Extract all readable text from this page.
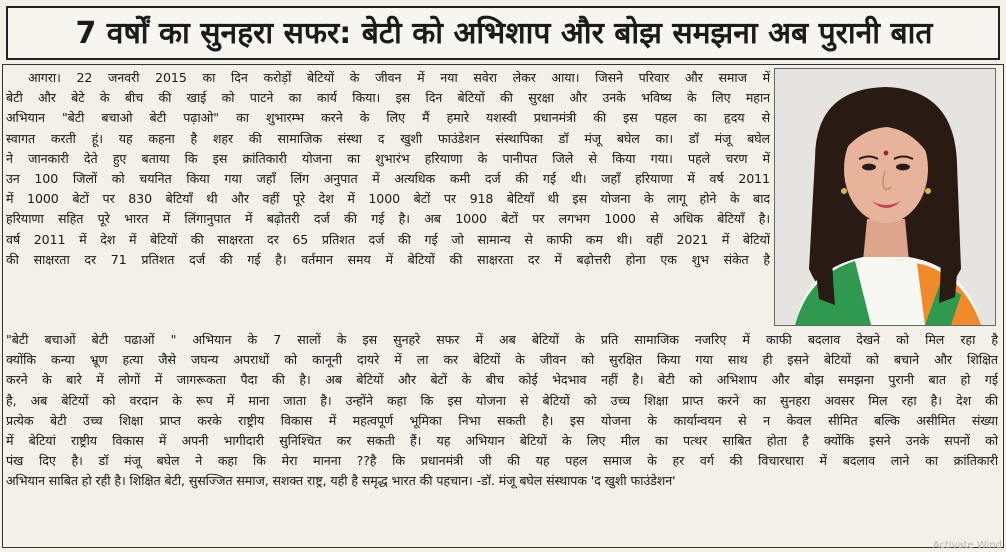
7 वर्षों का सुनहरा सफर: बेटी को अभिशाप और बोझ समझना अब पुरानी बात
आगरा। 22 जनवरी 2015 का दिन करोड़ों बेटियों के जीवन में नया सवेरा लेकर आया। जिसने परिवार और समाज में
बेटी और बेटे के बीच की खाई को पाटने का कार्य किया। इस दिन बेटियों की सुरक्षा और उनके भविष्य के लिए महान
अभियान "बेटी बचाओ बेटी पढ़ाओ" का शुभारम्भ करने के लिए मैं हमारे यशस्वी प्रधानमंत्री की इस पहल का हृदय से
स्वागत करती हूं। यह कहना है शहर की सामाजिक संस्था द खुशी फाउंडेशन संस्थापिका डॉ मंजू बघेल का। डॉ मंजू बघेल
ने जानकारी देते हुए बताया कि इस क्रांतिकारी योजना का शुभारंभ हरियाणा के पानीपत जिले से किया गया। पहले चरण में
उन 100 जिलों को चयनित किया गया जहाँ लिंग अनुपात में अत्यधिक कमी दर्ज की गई थी। जहाँ हरियाणा में वर्ष 2011
में 1000 बेटों पर 830 बेटियाँ थी और वहीं पूरे देश में 1000 बेटों पर 918 बेटियाँ थी इस योजना के लागू होने के बाद
हरियाणा सहित पूरे भारत में लिंगानुपात में बढ़ोतरी दर्ज की गई है। अब 1000 बेटों पर लगभग 1000 से अधिक बेटियाँ है।
वर्ष 2011 में देश में बेटियों की साक्षरता दर 65 प्रतिशत दर्ज की गई जो सामान्य से काफी कम थी। वहीं 2021 में बेटियों
की साक्षरता दर 71 प्रतिशत दर्ज की गई है। वर्तमान समय में बेटियों की साक्षरता दर में बढ़ोत्तरी होना एक शुभ संकेत है
"बेटी बचाओं बेटी पढाओं " अभियान के 7 सालों के इस सुनहरे सफर में अब बेटियों के प्रति सामाजिक नजरिए में काफी बदलाव देखने को मिल रहा है
क्योंकि कन्या भ्रूण हत्या जैसे जघन्य अपराधों को कानूनी दायरे में ला कर बेटियों के जीवन को सुरक्षित किया गया साथ ही इसने बेटियों को बचाने और शिक्षित
करने के बारे में लोगों में जागरूकता पैदा की है। अब बेटियों और बेटों के बीच कोई भेदभाव नहीं है। बेटी को अभिशाप और बोझ समझना पुरानी बात हो गई
है, अब बेटियों को वरदान के रूप में माना जाता है। उन्होंने कहा कि इस योजना से बेटियों को उच्च शिक्षा प्राप्त करने का सुनहरा अवसर मिल रहा है। देश की
प्रत्येक बेटी उच्च शिक्षा प्राप्त करके राष्ट्रीय विकास में महत्वपूर्ण भूमिका निभा सकती है। इस योजना के कार्यान्वयन से न केवल सीमित बल्कि असीमित संख्या
में बेटियां राष्ट्रीय विकास में अपनी भागीदारी सुनिश्चित कर सकती हैं। यह अभियान बेटियों के लिए मील का पत्थर साबित होता है क्योंकि इसने उनके सपनों को
पंख दिए है। डॉ मंजू बघेल ने कहा कि मेरा मानना ??है कि प्रधानमंत्री जी की यह पहल समाज के हर वर्ग की विचारधारा में बदलाव लाने का क्रांतिकारी
अभियान साबित हो रही है। शिक्षित बेटी, सुसज्जित समाज, सशक्त राष्ट्र, यही है समृद्ध भारत की पहचान। -डॉ. मंजू बघेल संस्थापक 'द खुशी फाउंडेशन'
Activate Wind
